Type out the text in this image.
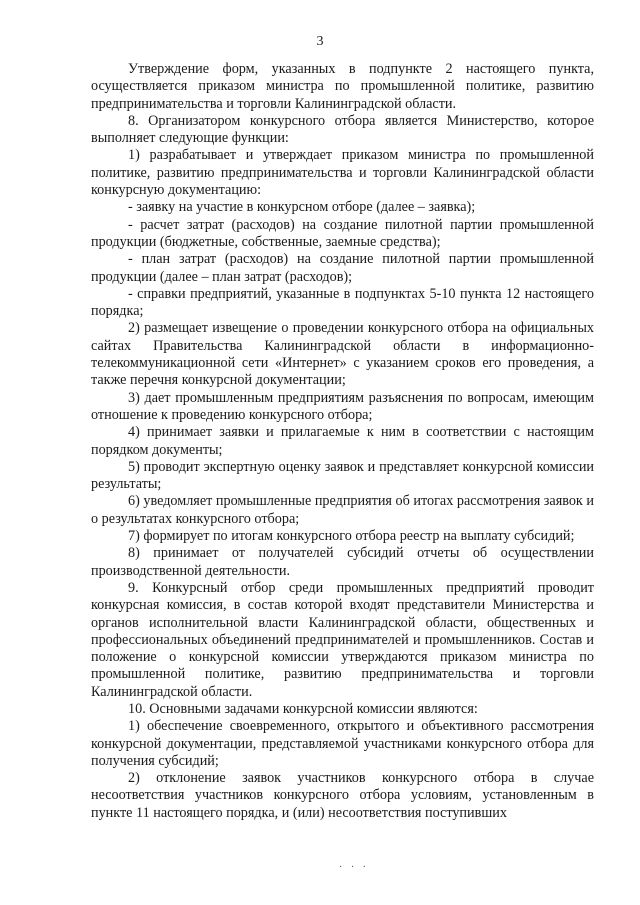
3

Утверждение форм, указанных в подпункте 2 настоящего пункта, осуществляется приказом министра по промышленной политике, развитию предпринимательства и торговли Калининградской области.

8. Организатором конкурсного отбора является Министерство, которое выполняет следующие функции:

1) разрабатывает и утверждает приказом министра по промышленной политике, развитию предпринимательства и торговли Калининградской области конкурсную документацию:

- заявку на участие в конкурсном отборе (далее – заявка);

- расчет затрат (расходов) на создание пилотной партии промышленной продукции (бюджетные, собственные, заемные средства);

- план затрат (расходов) на создание пилотной партии промышленной продукции (далее – план затрат (расходов);

- справки предприятий, указанные в подпунктах 5-10 пункта 12 настоящего порядка;

2) размещает извещение о проведении конкурсного отбора на официальных сайтах Правительства Калининградской области в информационно-телекоммуникационной сети «Интернет» с указанием сроков его проведения, а также перечня конкурсной документации;

3) дает промышленным предприятиям разъяснения по вопросам, имеющим отношение к проведению конкурсного отбора;

4) принимает заявки и прилагаемые к ним в соответствии с настоящим порядком документы;

5) проводит экспертную оценку заявок и представляет конкурсной комиссии результаты;

6) уведомляет промышленные предприятия об итогах рассмотрения заявок и о результатах конкурсного отбора;

7) формирует по итогам конкурсного отбора реестр на выплату субсидий;

8) принимает от получателей субсидий отчеты об осуществлении производственной деятельности.

9. Конкурсный отбор среди промышленных предприятий проводит конкурсная комиссия, в состав которой входят представители Министерства и органов исполнительной власти Калининградской области, общественных и профессиональных объединений предпринимателей и промышленников. Состав и положение о конкурсной комиссии утверждаются приказом министра по промышленной политике, развитию предпринимательства и торговли Калининградской области.

10. Основными задачами конкурсной комиссии являются:

1) обеспечение своевременного, открытого и объективного рассмотрения конкурсной документации, представляемой участниками конкурсного отбора для получения субсидий;

2) отклонение заявок участников конкурсного отбора в случае несоответствия участников конкурсного отбора условиям, установленным в пункте 11 настоящего порядка, и (или) несоответствия поступивших

· · ·
